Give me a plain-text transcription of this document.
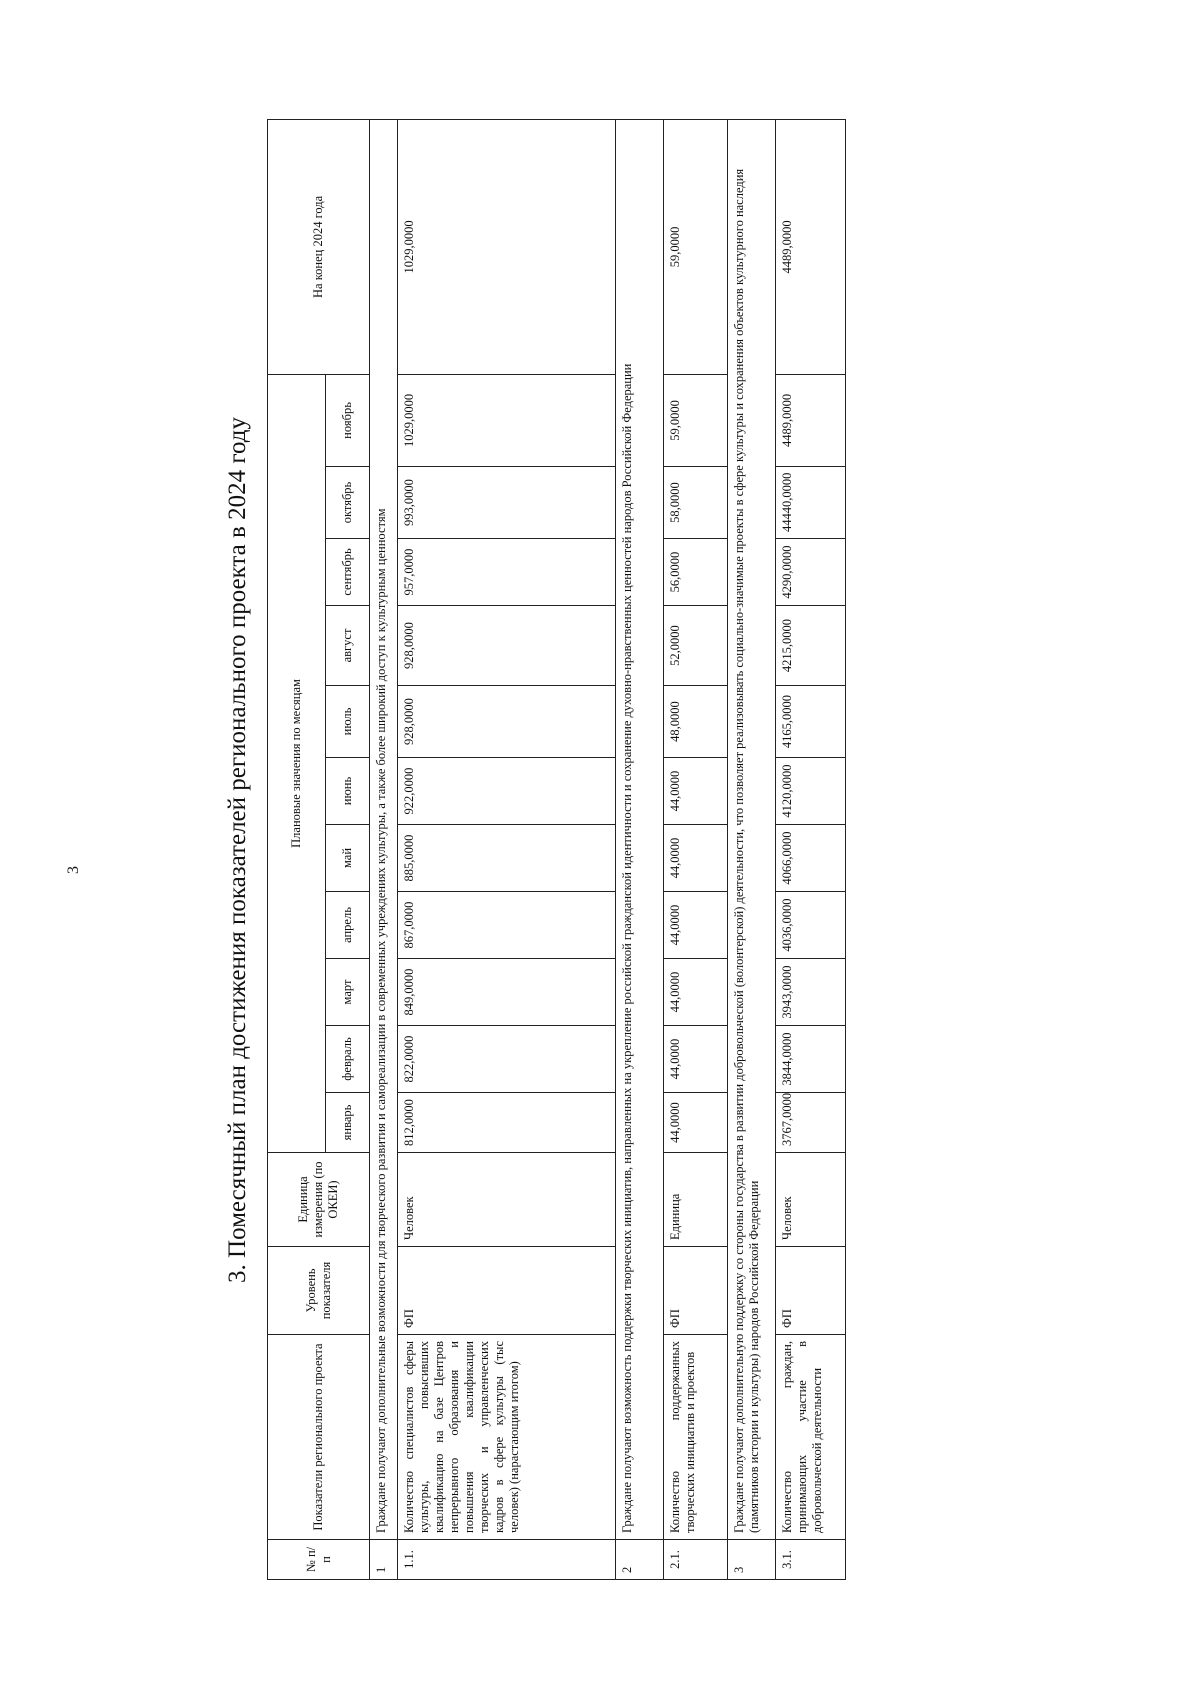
3	3. Помесячный план достижения показателей регионального проекта в 2024 году
№ п/п	Показатели регионального проекта	Уровень показателя	Единица измерения (по ОКЕИ)	Плановые значения по месяцам											На конец 2024 года
				январь	февраль	март	апрель	май	июнь	июль	август	сентябрь	октябрь	ноябрь	
1	Граждане получают дополнительные возможности для творческого развития и самореализации в современных учреждениях культуры, а также более широкий доступ к культурным ценностям														
1.1.	Количество специалистов сферы культуры, повысивших квалификацию на базе Центров непрерывного образования и повышения квалификации творческих и управленческих кадров в сфере культуры (тыс человек) (нарастающим итогом)	ФП	Человек	812,0000	822,0000	849,0000	867,0000	885,0000	922,0000	928,0000	928,0000	957,0000	993,0000	1029,0000	1029,0000
2	Граждане получают возможность поддержки творческих инициатив, направленных на укрепление российской гражданской идентичности и сохранение духовно-нравственных ценностей народов Российской Федерации														
2.1.	Количество поддержанных творческих инициатив и проектов	ФП	Единица	44,0000	44,0000	44,0000	44,0000	44,0000	44,0000	48,0000	52,0000	56,0000	58,0000	59,0000	59,0000
3	Граждане получают дополнительную поддержку со стороны государства в развитии добровольческой (волонтерской) деятельности, что позволяет реализовывать социально-значимые проекты в сфере культуры и сохранения объектов культурного наследия (памятников истории и культуры) народов Российской Федерации														
3.1.	Количество граждан, принимающих участие в добровольческой деятельности	ФП	Человек	3767,0000	3844,0000	3943,0000	4036,0000	4066,0000	4120,0000	4165,0000	4215,0000	4290,0000	44440,0000	4489,0000	4489,0000
